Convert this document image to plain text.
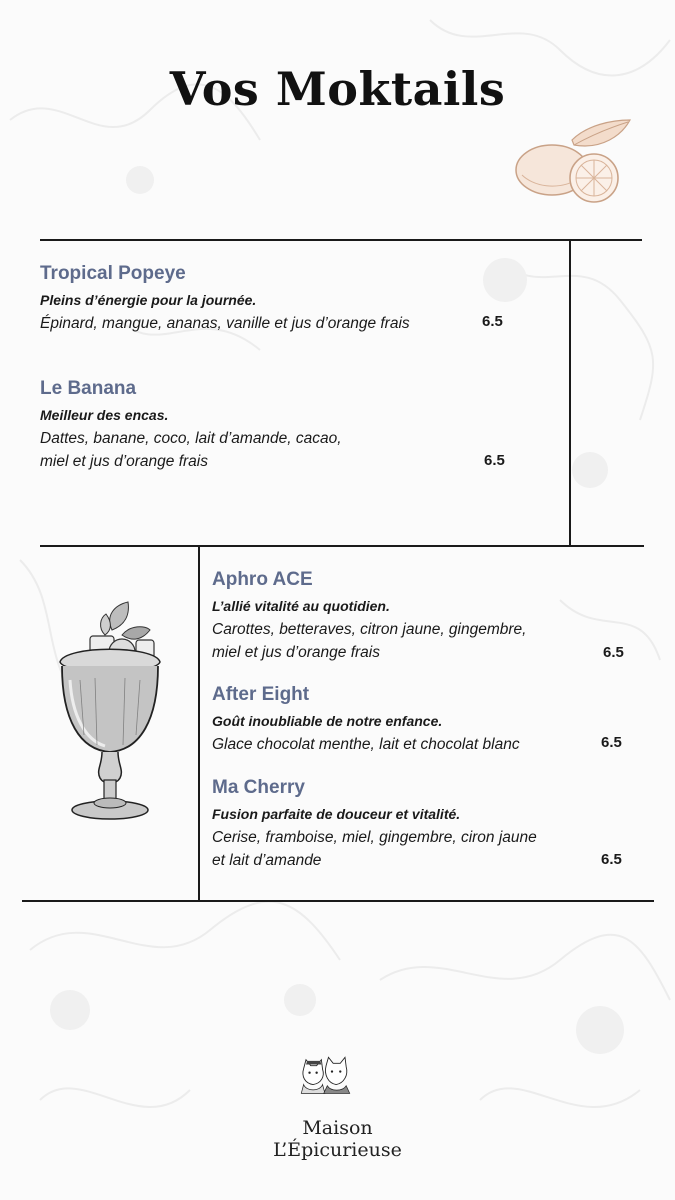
Vos Moktails
Tropical Popeye
Pleins d’énergie pour la journée.
Épinard, mangue, ananas, vanille et jus d’orange frais	6.5
Le Banana
Meilleur des encas.
Dattes, banane, coco, lait d’amande, cacao,
miel et jus d’orange frais	6.5
Aphro ACE
L’allié vitalité au quotidien.
Carottes, betteraves, citron jaune, gingembre,
miel et jus d’orange frais	6.5
After Eight
Goût inoubliable de notre enfance.
Glace chocolat menthe, lait et chocolat blanc	6.5
Ma Cherry
Fusion parfaite de douceur et vitalité.
Cerise, framboise, miel, gingembre, ciron jaune
et lait d’amande	6.5
Maison
L’Épicurieuse
